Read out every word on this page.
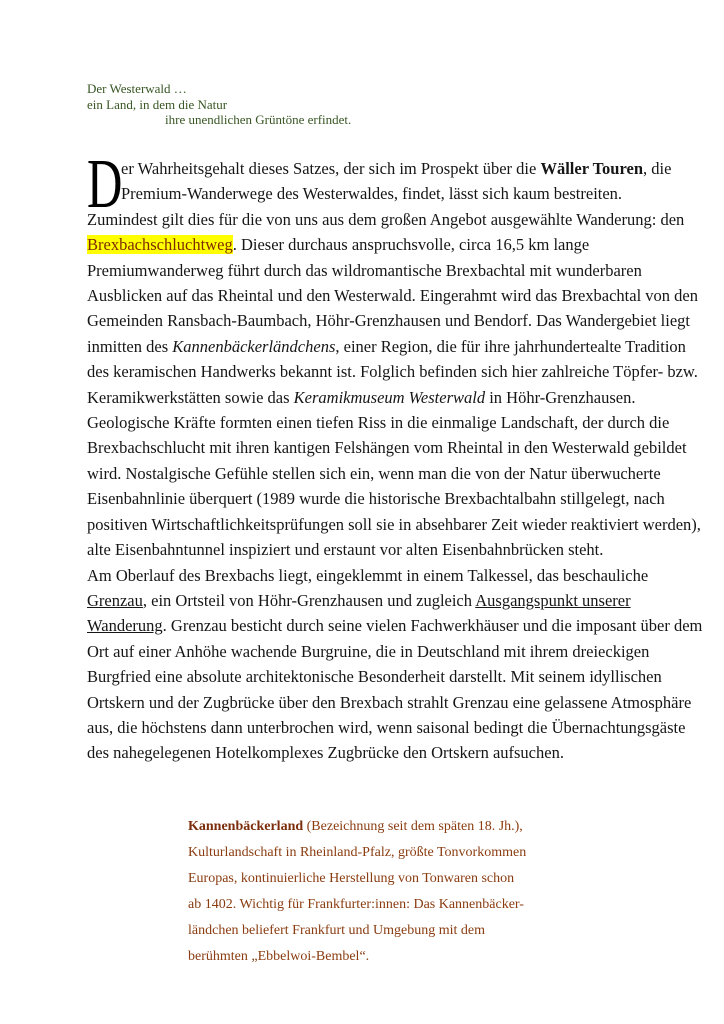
Der Westerwald …
ein Land, in dem die Natur
ihre unendlichen Grüntöne erfindet.
D
er Wahrheitsgehalt dieses Satzes, der sich im Prospekt über die Wäller Touren, die
Premium-Wanderwege des Westerwaldes, findet, lässt sich kaum bestreiten.
Zumindest gilt dies für die von uns aus dem großen Angebot ausgewählte Wanderung: den
Brexbachschluchtweg. Dieser durchaus anspruchsvolle, circa 16,5 km lange
Premiumwanderweg führt durch das wildromantische Brexbachtal mit wunderbaren
Ausblicken auf das Rheintal und den Westerwald. Eingerahmt wird das Brexbachtal von den
Gemeinden Ransbach-Baumbach, Höhr-Grenzhausen und Bendorf. Das Wandergebiet liegt
inmitten des Kannenbäckerländchens, einer Region, die für ihre jahrhundertealte Tradition
des keramischen Handwerks bekannt ist. Folglich befinden sich hier zahlreiche Töpfer- bzw.
Keramikwerkstätten sowie das Keramikmuseum Westerwald in Höhr-Grenzhausen.
Geologische Kräfte formten einen tiefen Riss in die einmalige Landschaft, der durch die
Brexbachschlucht mit ihren kantigen Felshängen vom Rheintal in den Westerwald gebildet
wird. Nostalgische Gefühle stellen sich ein, wenn man die von der Natur überwucherte
Eisenbahnlinie überquert (1989 wurde die historische Brexbachtalbahn stillgelegt, nach
positiven Wirtschaftlichkeitsprüfungen soll sie in absehbarer Zeit wieder reaktiviert werden),
alte Eisenbahntunnel inspiziert und erstaunt vor alten Eisenbahnbrücken steht.
Am Oberlauf des Brexbachs liegt, eingeklemmt in einem Talkessel, das beschauliche
Grenzau, ein Ortsteil von Höhr-Grenzhausen und zugleich Ausgangspunkt unserer
Wanderung. Grenzau besticht durch seine vielen Fachwerkhäuser und die imposant über dem
Ort auf einer Anhöhe wachende Burgruine, die in Deutschland mit ihrem dreieckigen
Burgfried eine absolute architektonische Besonderheit darstellt. Mit seinem idyllischen
Ortskern und der Zugbrücke über den Brexbach strahlt Grenzau eine gelassene Atmosphäre
aus, die höchstens dann unterbrochen wird, wenn saisonal bedingt die Übernachtungsgäste
des nahegelegenen Hotelkomplexes Zugbrücke den Ortskern aufsuchen.
Kannenbäckerland (Bezeichnung seit dem späten 18. Jh.),
Kulturlandschaft in Rheinland-Pfalz, größte Tonvorkommen
Europas, kontinuierliche Herstellung von Tonwaren schon
ab 1402. Wichtig für Frankfurter:innen: Das Kannenbäcker-
ländchen beliefert Frankfurt und Umgebung mit dem
berühmten „Ebbelwoi-Bembel“.
